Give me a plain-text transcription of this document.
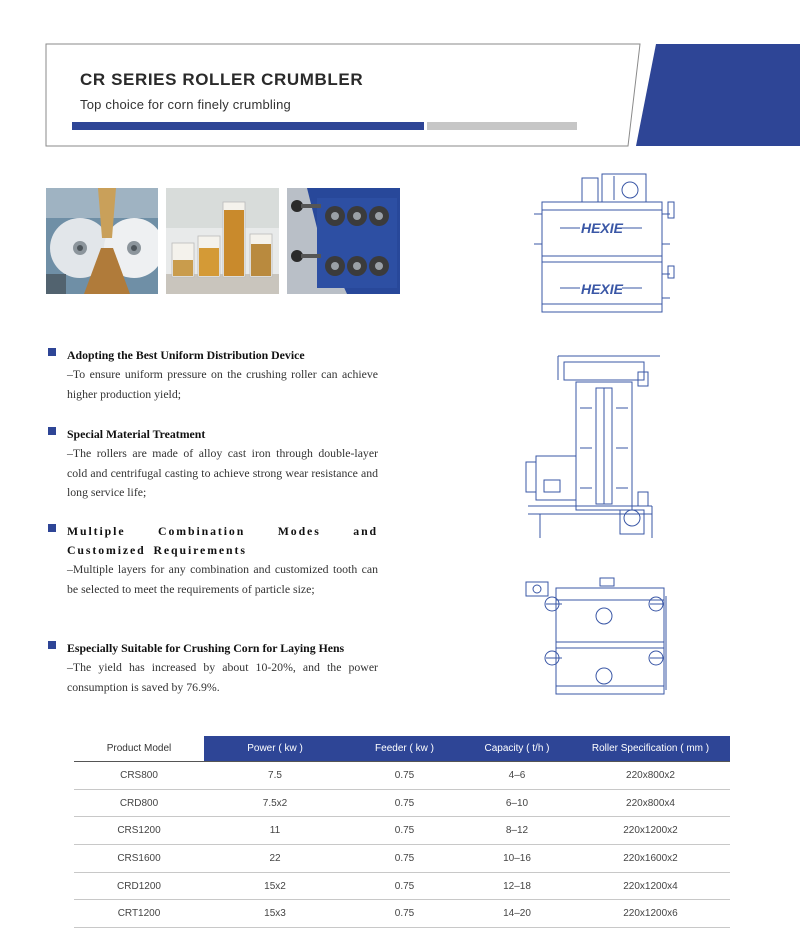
CR SERIES ROLLER CRUMBLER
Top choice for corn finely crumbling
Adopting the Best Uniform Distribution Device
–To ensure uniform pressure on the crushing roller can achieve higher production yield;
Special Material Treatment
–The rollers are made of alloy cast iron through double-layer cold and centrifugal casting to achieve strong wear resistance and long service life;
Multiple Combination Modes and Customized Requirements
–Multiple layers for any combination and customized tooth can be selected to meet the requirements of particle size;
Especially Suitable for Crushing Corn for Laying Hens
–The yield has increased by about 10-20%, and the power consumption is saved by 76.9%.
HEXIE
HEXIE
Product Model	Power ( kw )	Feeder ( kw )	Capacity ( t/h )	Roller Specification ( mm )
CRS800	7.5	0.75	4–6	220x800x2
CRD800	7.5x2	0.75	6–10	220x800x4
CRS1200	11	0.75	8–12	220x1200x2
CRS1600	22	0.75	10–16	220x1600x2
CRD1200	15x2	0.75	12–18	220x1200x4
CRT1200	15x3	0.75	14–20	220x1200x6
